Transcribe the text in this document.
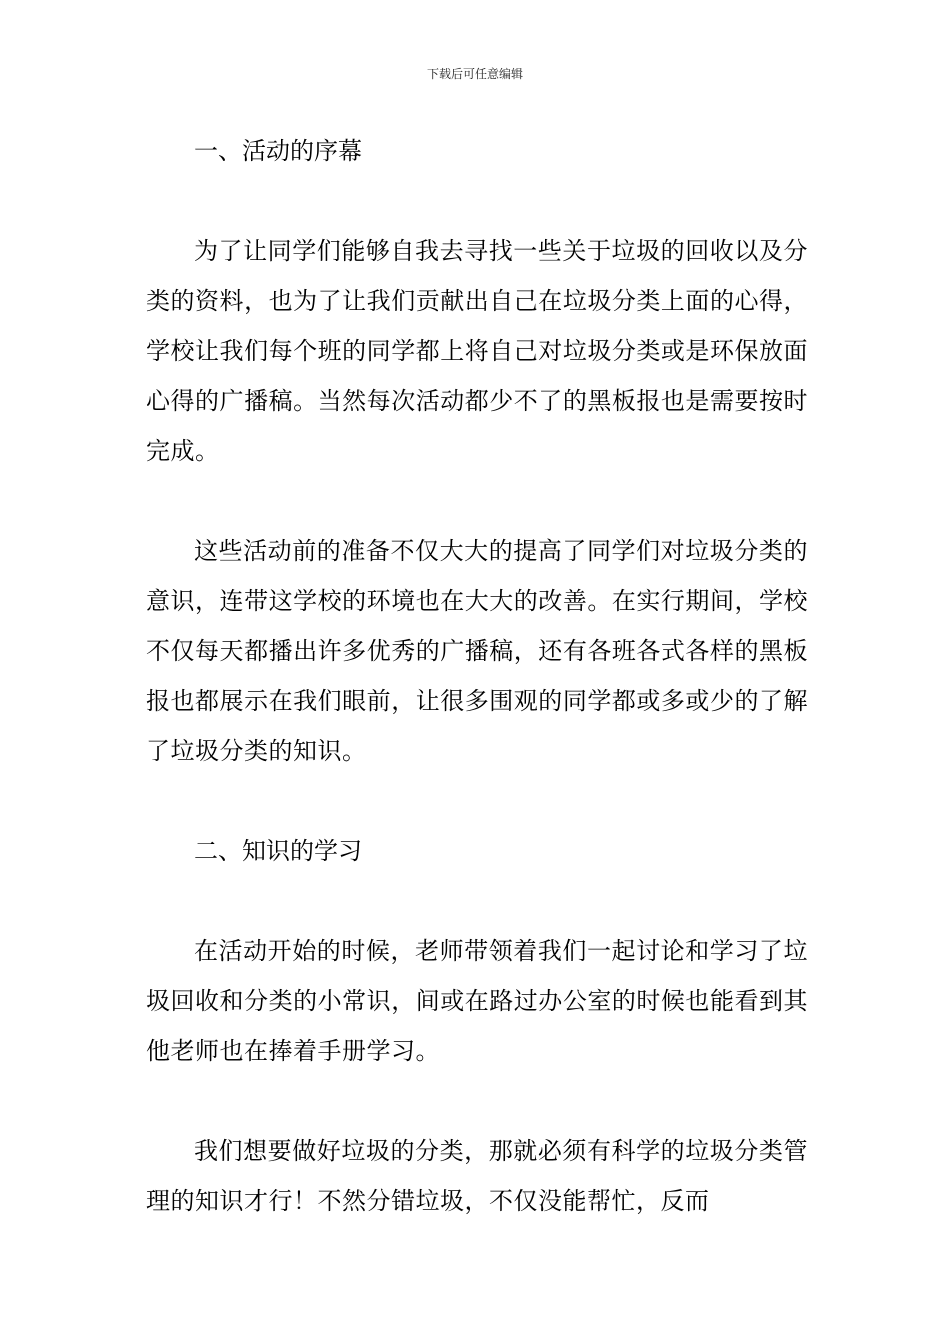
下载后可任意编辑

一、活动的序幕

为了让同学们能够自我去寻找一些关于垃圾的回收以及分类的资料，也为了让我们贡献出自己在垃圾分类上面的心得，学校让我们每个班的同学都上将自己对垃圾分类或是环保放面心得的广播稿。当然每次活动都少不了的黑板报也是需要按时完成。

这些活动前的准备不仅大大的提高了同学们对垃圾分类的意识，连带这学校的环境也在大大的改善。在实行期间，学校不仅每天都播出许多优秀的广播稿，还有各班各式各样的黑板报也都展示在我们眼前，让很多围观的同学都或多或少的了解了垃圾分类的知识。

二、知识的学习

在活动开始的时候，老师带领着我们一起讨论和学习了垃圾回收和分类的小常识，间或在路过办公室的时候也能看到其他老师也在捧着手册学习。

我们想要做好垃圾的分类，那就必须有科学的垃圾分类管理的知识才行！不然分错垃圾，不仅没能帮忙，反而
